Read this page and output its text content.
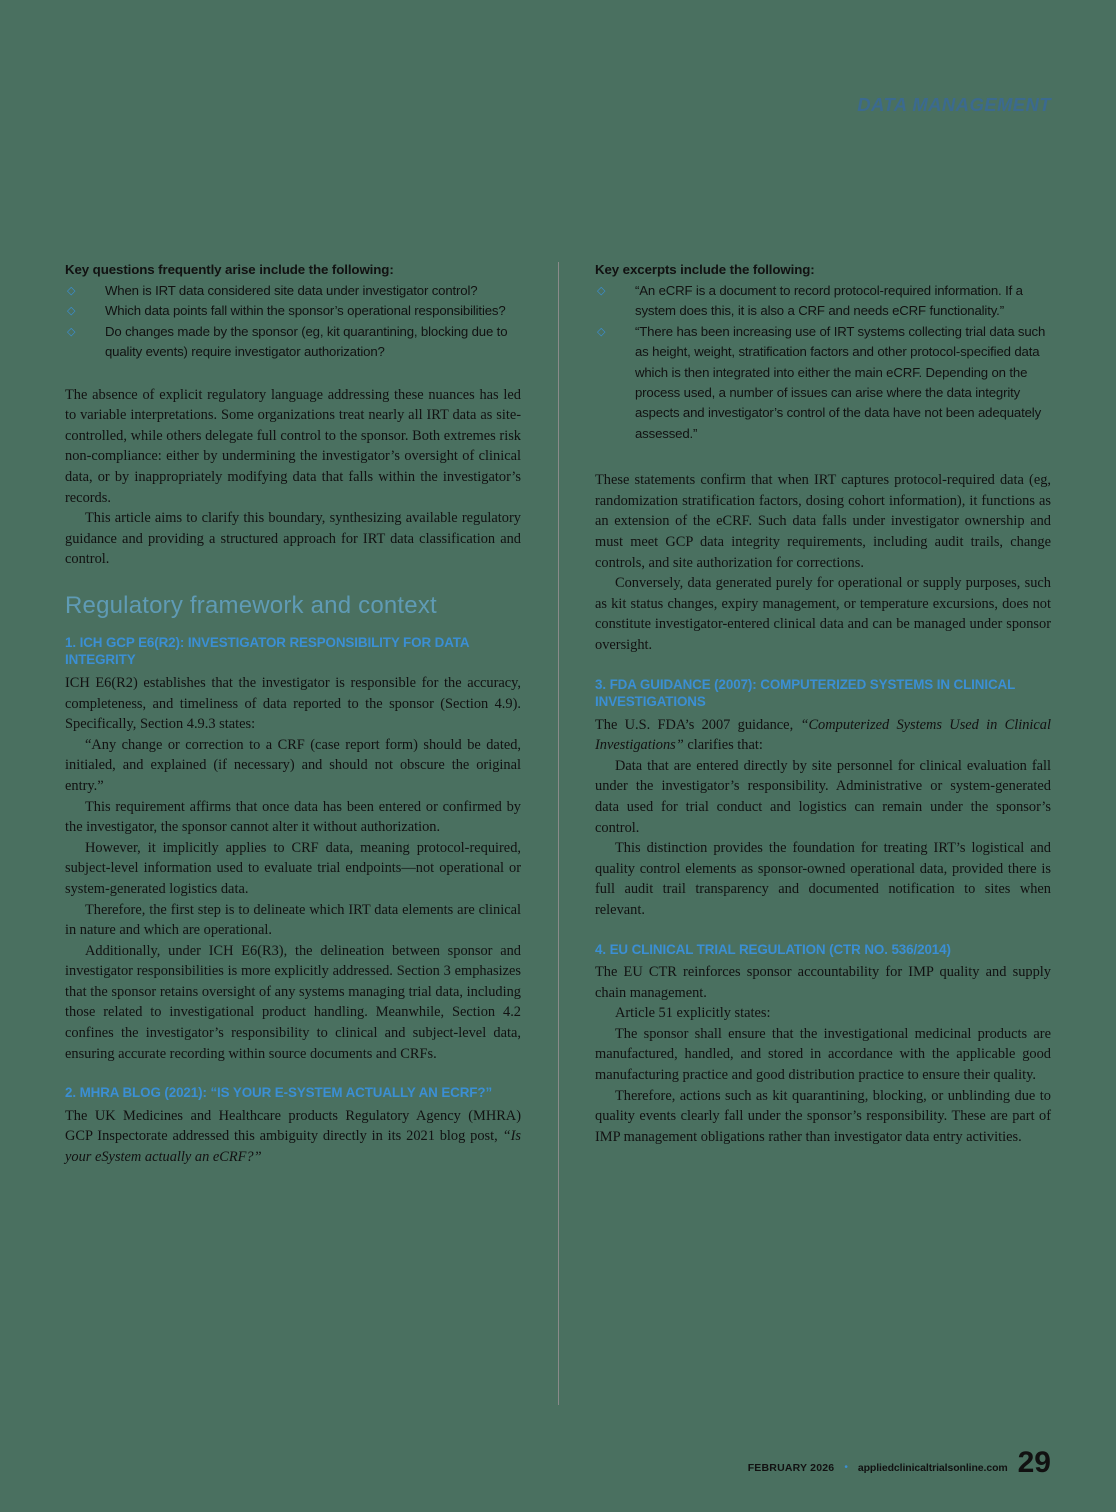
DATA MANAGEMENT
Key questions frequently arise include the following:
◇ When is IRT data considered site data under investigator control?
◇ Which data points fall within the sponsor’s operational responsibilities?
◇ Do changes made by the sponsor (eg, kit quarantining, blocking due to quality events) require investigator authorization?

The absence of explicit regulatory language addressing these nuances has led to variable interpretations. Some organizations treat nearly all IRT data as site-controlled, while others delegate full control to the sponsor. Both extremes risk non-compliance: either by undermining the investigator’s oversight of clinical data, or by inappropriately modifying data that falls within the investigator’s records.

This article aims to clarify this boundary, synthesizing available regulatory guidance and providing a structured approach for IRT data classification and control.

Regulatory framework and context
1. ICH GCP E6(R2): INVESTIGATOR RESPONSIBILITY FOR DATA INTEGRITY

ICH E6(R2) establishes that the investigator is responsible for the accuracy, completeness, and timeliness of data reported to the sponsor (Section 4.9). Specifically, Section 4.9.3 states:

“Any change or correction to a CRF (case report form) should be dated, initialed, and explained (if necessary) and should not obscure the original entry.”

This requirement affirms that once data has been entered or confirmed by the investigator, the sponsor cannot alter it without authorization.

However, it implicitly applies to CRF data, meaning protocol-required, subject-level information used to evaluate trial endpoints—not operational or system-generated logistics data.

Therefore, the first step is to delineate which IRT data elements are clinical in nature and which are operational.

Additionally, under ICH E6(R3), the delineation between sponsor and investigator responsibilities is more explicitly addressed. Section 3 emphasizes that the sponsor retains oversight of any systems managing trial data, including those related to investigational product handling. Meanwhile, Section 4.2 confines the investigator’s responsibility to clinical and subject-level data, ensuring accurate recording within source documents and CRFs.

2. MHRA BLOG (2021): “IS YOUR E-SYSTEM ACTUALLY AN ECRF?”

The UK Medicines and Healthcare products Regulatory Agency (MHRA) GCP Inspectorate addressed this ambiguity directly in its 2021 blog post, “Is your eSystem actually an eCRF?”

Key excerpts include the following:
◇ “An eCRF is a document to record protocol-required information. If a system does this, it is also a CRF and needs eCRF functionality.”
◇ “There has been increasing use of IRT systems collecting trial data such as height, weight, stratification factors and other protocol-specified data which is then integrated into either the main eCRF. Depending on the process used, a number of issues can arise where the data integrity aspects and investigator’s control of the data have not been adequately assessed.”

These statements confirm that when IRT captures protocol-required data (eg, randomization stratification factors, dosing cohort information), it functions as an extension of the eCRF. Such data falls under investigator ownership and must meet GCP data integrity requirements, including audit trails, change controls, and site authorization for corrections.

Conversely, data generated purely for operational or supply purposes, such as kit status changes, expiry management, or temperature excursions, does not constitute investigator-entered clinical data and can be managed under sponsor oversight.

3. FDA GUIDANCE (2007): COMPUTERIZED SYSTEMS IN CLINICAL INVESTIGATIONS

The U.S. FDA’s 2007 guidance, “Computerized Systems Used in Clinical Investigations” clarifies that:

Data that are entered directly by site personnel for clinical evaluation fall under the investigator’s responsibility. Administrative or system-generated data used for trial conduct and logistics can remain under the sponsor’s control.

This distinction provides the foundation for treating IRT’s logistical and quality control elements as sponsor-owned operational data, provided there is full audit trail transparency and documented notification to sites when relevant.

4. EU CLINICAL TRIAL REGULATION (CTR NO. 536/2014)

The EU CTR reinforces sponsor accountability for IMP quality and supply chain management.

Article 51 explicitly states:

The sponsor shall ensure that the investigational medicinal products are manufactured, handled, and stored in accordance with the applicable good manufacturing practice and good distribution practice to ensure their quality.

Therefore, actions such as kit quarantining, blocking, or unblinding due to quality events clearly fall under the sponsor’s responsibility. These are part of IMP management obligations rather than investigator data entry activities.

FEBRUARY 2026 • appliedclinicaltrialsonline.com 29
